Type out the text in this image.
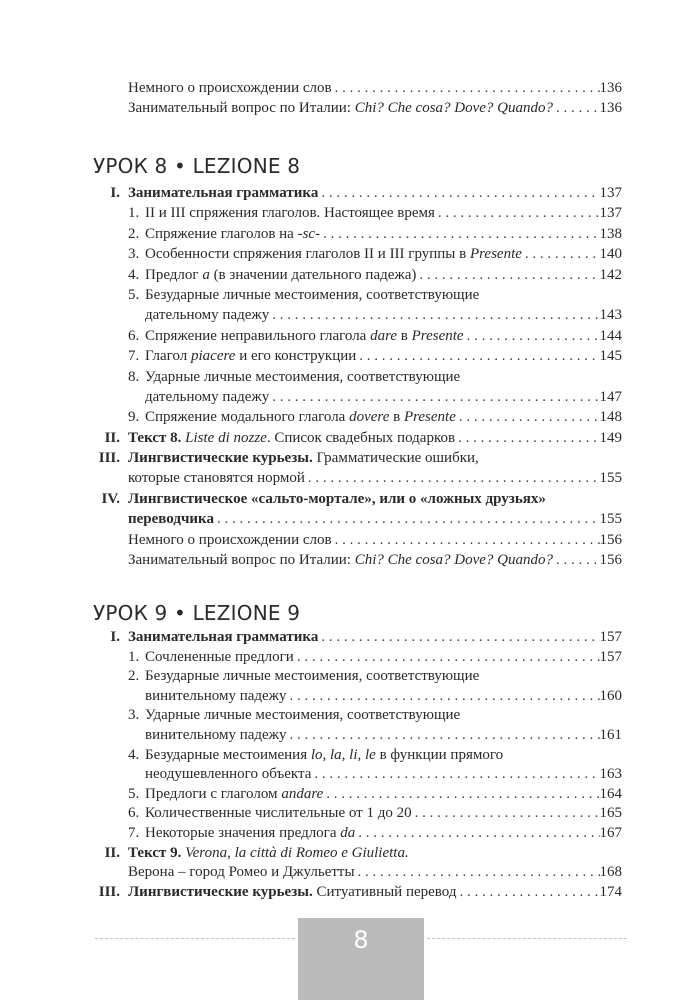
Немного о происхождении слов . . .	136
Занимательный вопрос по Италии: Chi? Che cosa? Dove? Quando? . . .	136
УРОК 8 • LEZIONE 8
I. Занимательная грамматика . . .	137
1. II и III спряжения глаголов. Настоящее время . . .	137
2. Спряжение глаголов на -sc- . . .	138
3. Особенности спряжения глаголов II и III группы в Presente . . .	140
4. Предлог a (в значении дательного падежа) . . .	142
5. Безударные личные местоимения, соответствующие
дательному падежу . . .	143
6. Спряжение неправильного глагола dare в Presente . . .	144
7. Глагол piacere и его конструкции . . .	145
8. Ударные личные местоимения, соответствующие
дательному падежу . . .	147
9. Спряжение модального глагола dovere в Presente . . .	148
II. Текст 8. Liste di nozze. Список свадебных подарков . . .	149
III. Лингвистические курьезы. Грамматические ошибки,
которые становятся нормой . . .	155
IV. Лингвистическое «сальто-мортале», или о «ложных друзьях»
переводчика . . .	155
Немного о происхождении слов . . .	156
Занимательный вопрос по Италии: Chi? Che cosa? Dove? Quando? . . .	156
УРОК 9 • LEZIONE 9
I. Занимательная грамматика . . .	157
1. Сочлененные предлоги . . .	157
2. Безударные личные местоимения, соответствующие
винительному падежу . . .	160
3. Ударные личные местоимения, соответствующие
винительному падежу . . .	161
4. Безударные местоимения lo, la, li, le в функции прямого
неодушевленного объекта . . .	163
5. Предлоги с глаголом andare . . .	164
6. Количественные числительные от 1 до 20 . . .	165
7. Некоторые значения предлога da . . .	167
II. Текст 9. Verona, la città di Romeo e Giulietta.
Верона – город Ромео и Джульетты . . .	168
III. Лингвистические курьезы. Ситуативный перевод . . .	174
8
